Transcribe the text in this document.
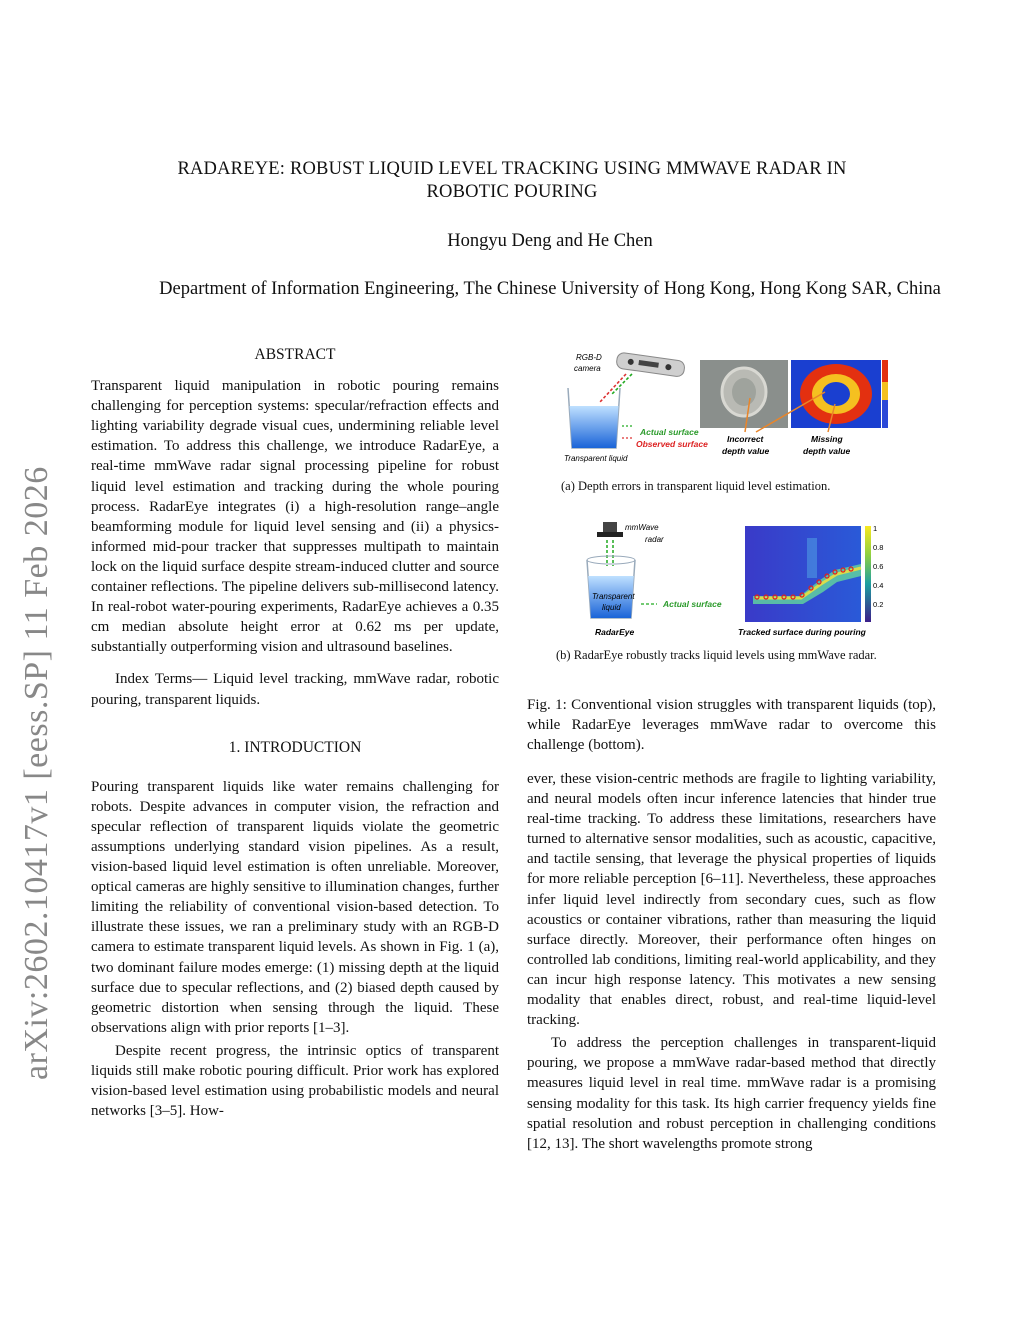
arXiv:2602.10417v1 [eess.SP] 11 Feb 2026
RADAREYE: ROBUST LIQUID LEVEL TRACKING USING MMWAVE RADAR IN
ROBOTIC POURING
Hongyu Deng and He Chen
Department of Information Engineering, The Chinese University of Hong Kong, Hong Kong SAR, China
ABSTRACT

Transparent liquid manipulation in robotic pouring remains challenging for perception systems: specular/refraction effects and lighting variability degrade visual cues, undermining reliable level estimation. To address this challenge, we introduce RadarEye, a real-time mmWave radar signal processing pipeline for robust liquid level estimation and tracking during the whole pouring process. RadarEye integrates (i) a high-resolution range–angle beamforming module for liquid level sensing and (ii) a physics-informed mid-pour tracker that suppresses multipath to maintain lock on the liquid surface despite stream-induced clutter and source container reflections. The pipeline delivers sub-millisecond latency. In real-robot water-pouring experiments, RadarEye achieves a 0.35 cm median absolute height error at 0.62 ms per update, substantially outperforming vision and ultrasound baselines.

Index Terms— Liquid level tracking, mmWave radar, robotic pouring, transparent liquids.

1. INTRODUCTION

Pouring transparent liquids like water remains challenging for robots. Despite advances in computer vision, the refraction and specular reflection of transparent liquids violate the geometric assumptions underlying standard vision pipelines. As a result, vision-based liquid level estimation is often unreliable. Moreover, optical cameras are highly sensitive to illumination changes, further limiting the reliability of conventional vision-based detection. To illustrate these issues, we ran a preliminary study with an RGB-D camera to estimate transparent liquid levels. As shown in Fig. 1 (a), two dominant failure modes emerge: (1) missing depth at the liquid surface due to specular reflections, and (2) biased depth caused by geometric distortion when sensing through the liquid. These observations align with prior reports [1–3].

Despite recent progress, the intrinsic optics of transparent liquids still make robotic pouring difficult. Prior work has explored vision-based level estimation using probabilistic models and neural networks [3–5]. How-

RGB-D
camera
Actual surface
Observed surface
Transparent liquid
Incorrect
depth value
Missing
depth value
(a) Depth errors in transparent liquid level estimation.
mmWave
radar
Transparent
liquid	Actual surface
RadarEye
1
0.8
0.6
0.4
0.2
Tracked surface during pouring
(b) RadarEye robustly tracks liquid levels using mmWave radar.
Fig. 1: Conventional vision struggles with transparent liquids (top), while RadarEye leverages mmWave radar to overcome this challenge (bottom).

ever, these vision-centric methods are fragile to lighting variability, and neural models often incur inference latencies that hinder true real-time tracking. To address these limitations, researchers have turned to alternative sensor modalities, such as acoustic, capacitive, and tactile sensing, that leverage the physical properties of liquids for more reliable perception [6–11]. Nevertheless, these approaches infer liquid level indirectly from secondary cues, such as flow acoustics or container vibrations, rather than measuring the liquid surface directly. Moreover, their performance often hinges on controlled lab conditions, limiting real-world applicability, and they can incur high response latency. This motivates a new sensing modality that enables direct, robust, and real-time liquid-level tracking.

To address the perception challenges in transparent-liquid pouring, we propose a mmWave radar-based method that directly measures liquid level in real time. mmWave radar is a promising sensing modality for this task. Its high carrier frequency yields fine spatial resolution and robust perception in challenging conditions [12, 13]. The short wavelengths promote strong
